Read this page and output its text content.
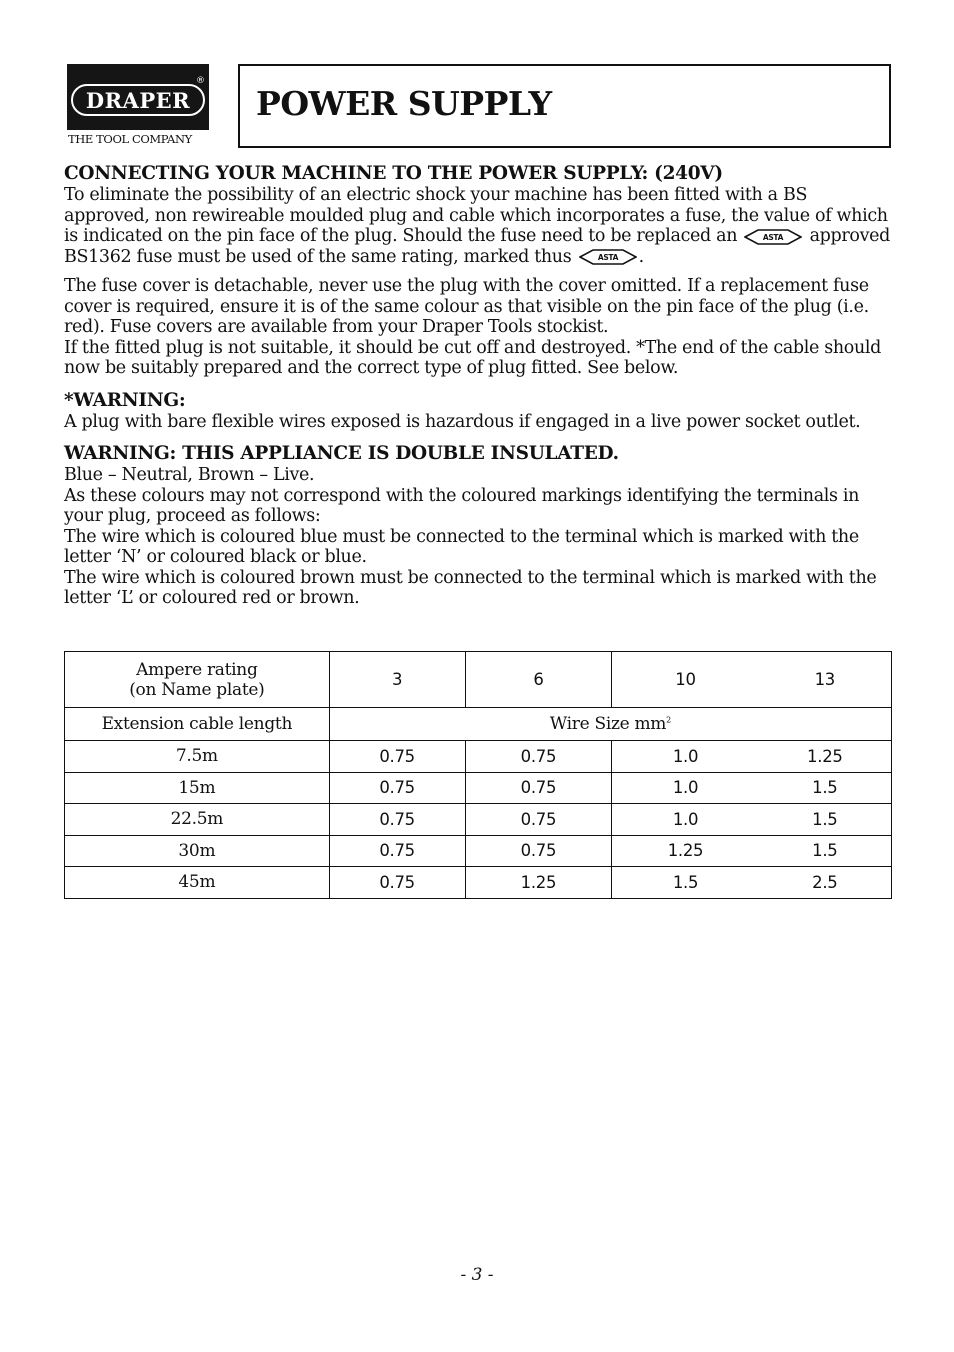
®
DRAPER
THE TOOL COMPANY
POWER SUPPLY

CONNECTING YOUR MACHINE TO THE POWER SUPPLY: (240V)

To eliminate the possibility of an electric shock your machine has been fitted with a BS approved, non rewireable moulded plug and cable which incorporates a fuse, the value of which is indicated on the pin face of the plug. Should the fuse need to be replaced an	ASTA approved BS1362 fuse must be used of the same rating, marked thus	ASTA .

The fuse cover is detachable, never use the plug with the cover omitted. If a replacement fuse cover is required, ensure it is of the same colour as that visible on the pin face of the plug (i.e. red). Fuse covers are available from your Draper Tools stockist.

If the fitted plug is not suitable, it should be cut off and destroyed. *The end of the cable should now be suitably prepared and the correct type of plug fitted. See below.

*WARNING:

A plug with bare flexible wires exposed is hazardous if engaged in a live power socket outlet.

WARNING: THIS APPLIANCE IS DOUBLE INSULATED.

Blue – Neutral, Brown – Live.

As these colours may not correspond with the coloured markings identifying the terminals in your plug, proceed as follows:

The wire which is coloured blue must be connected to the terminal which is marked with the letter ‘N’ or coloured black or blue.

The wire which is coloured brown must be connected to the terminal which is marked with the letter ‘L’ or coloured red or brown.

Ampere rating
(on Name plate)	3	6	10	13
Extension cable length	Wire Size $mm^2$
7.5m	0.75	0.75	1.0	1.25
15m	0.75	0.75	1.0	1.5
22.5m	0.75	0.75	1.0	1.5
30m	0.75	0.75	1.25	1.5
45m	0.75	1.25	1.5	2.5
- 3 -
